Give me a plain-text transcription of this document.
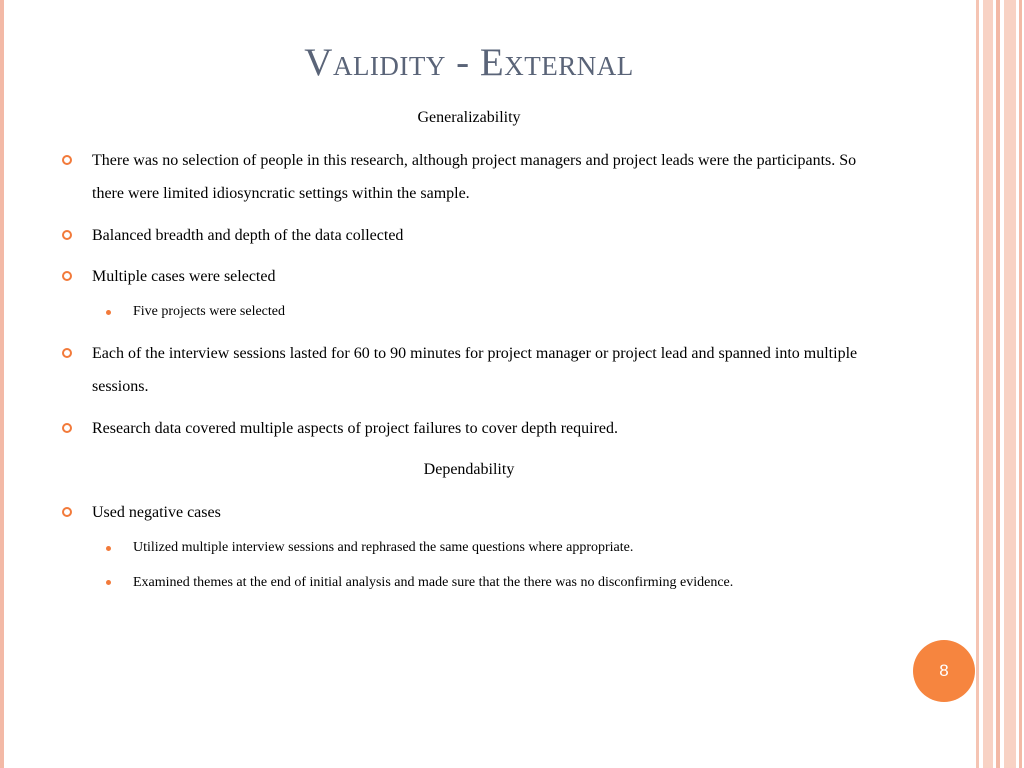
Validity - External
Generalizability
There was no selection of people in this research, although project managers and project leads were the participants. So there were limited idiosyncratic settings within the sample.
Balanced breadth and depth of the data collected
Multiple cases were selected
Five projects were selected
Each of the interview sessions lasted for 60 to 90 minutes for project manager or project lead and spanned into multiple sessions.
Research data covered multiple aspects of project failures to cover depth required.
Dependability
Used negative cases
Utilized multiple interview sessions and rephrased the same questions where appropriate.
Examined themes at the end of initial analysis and made sure that the there was no disconfirming evidence.
8
